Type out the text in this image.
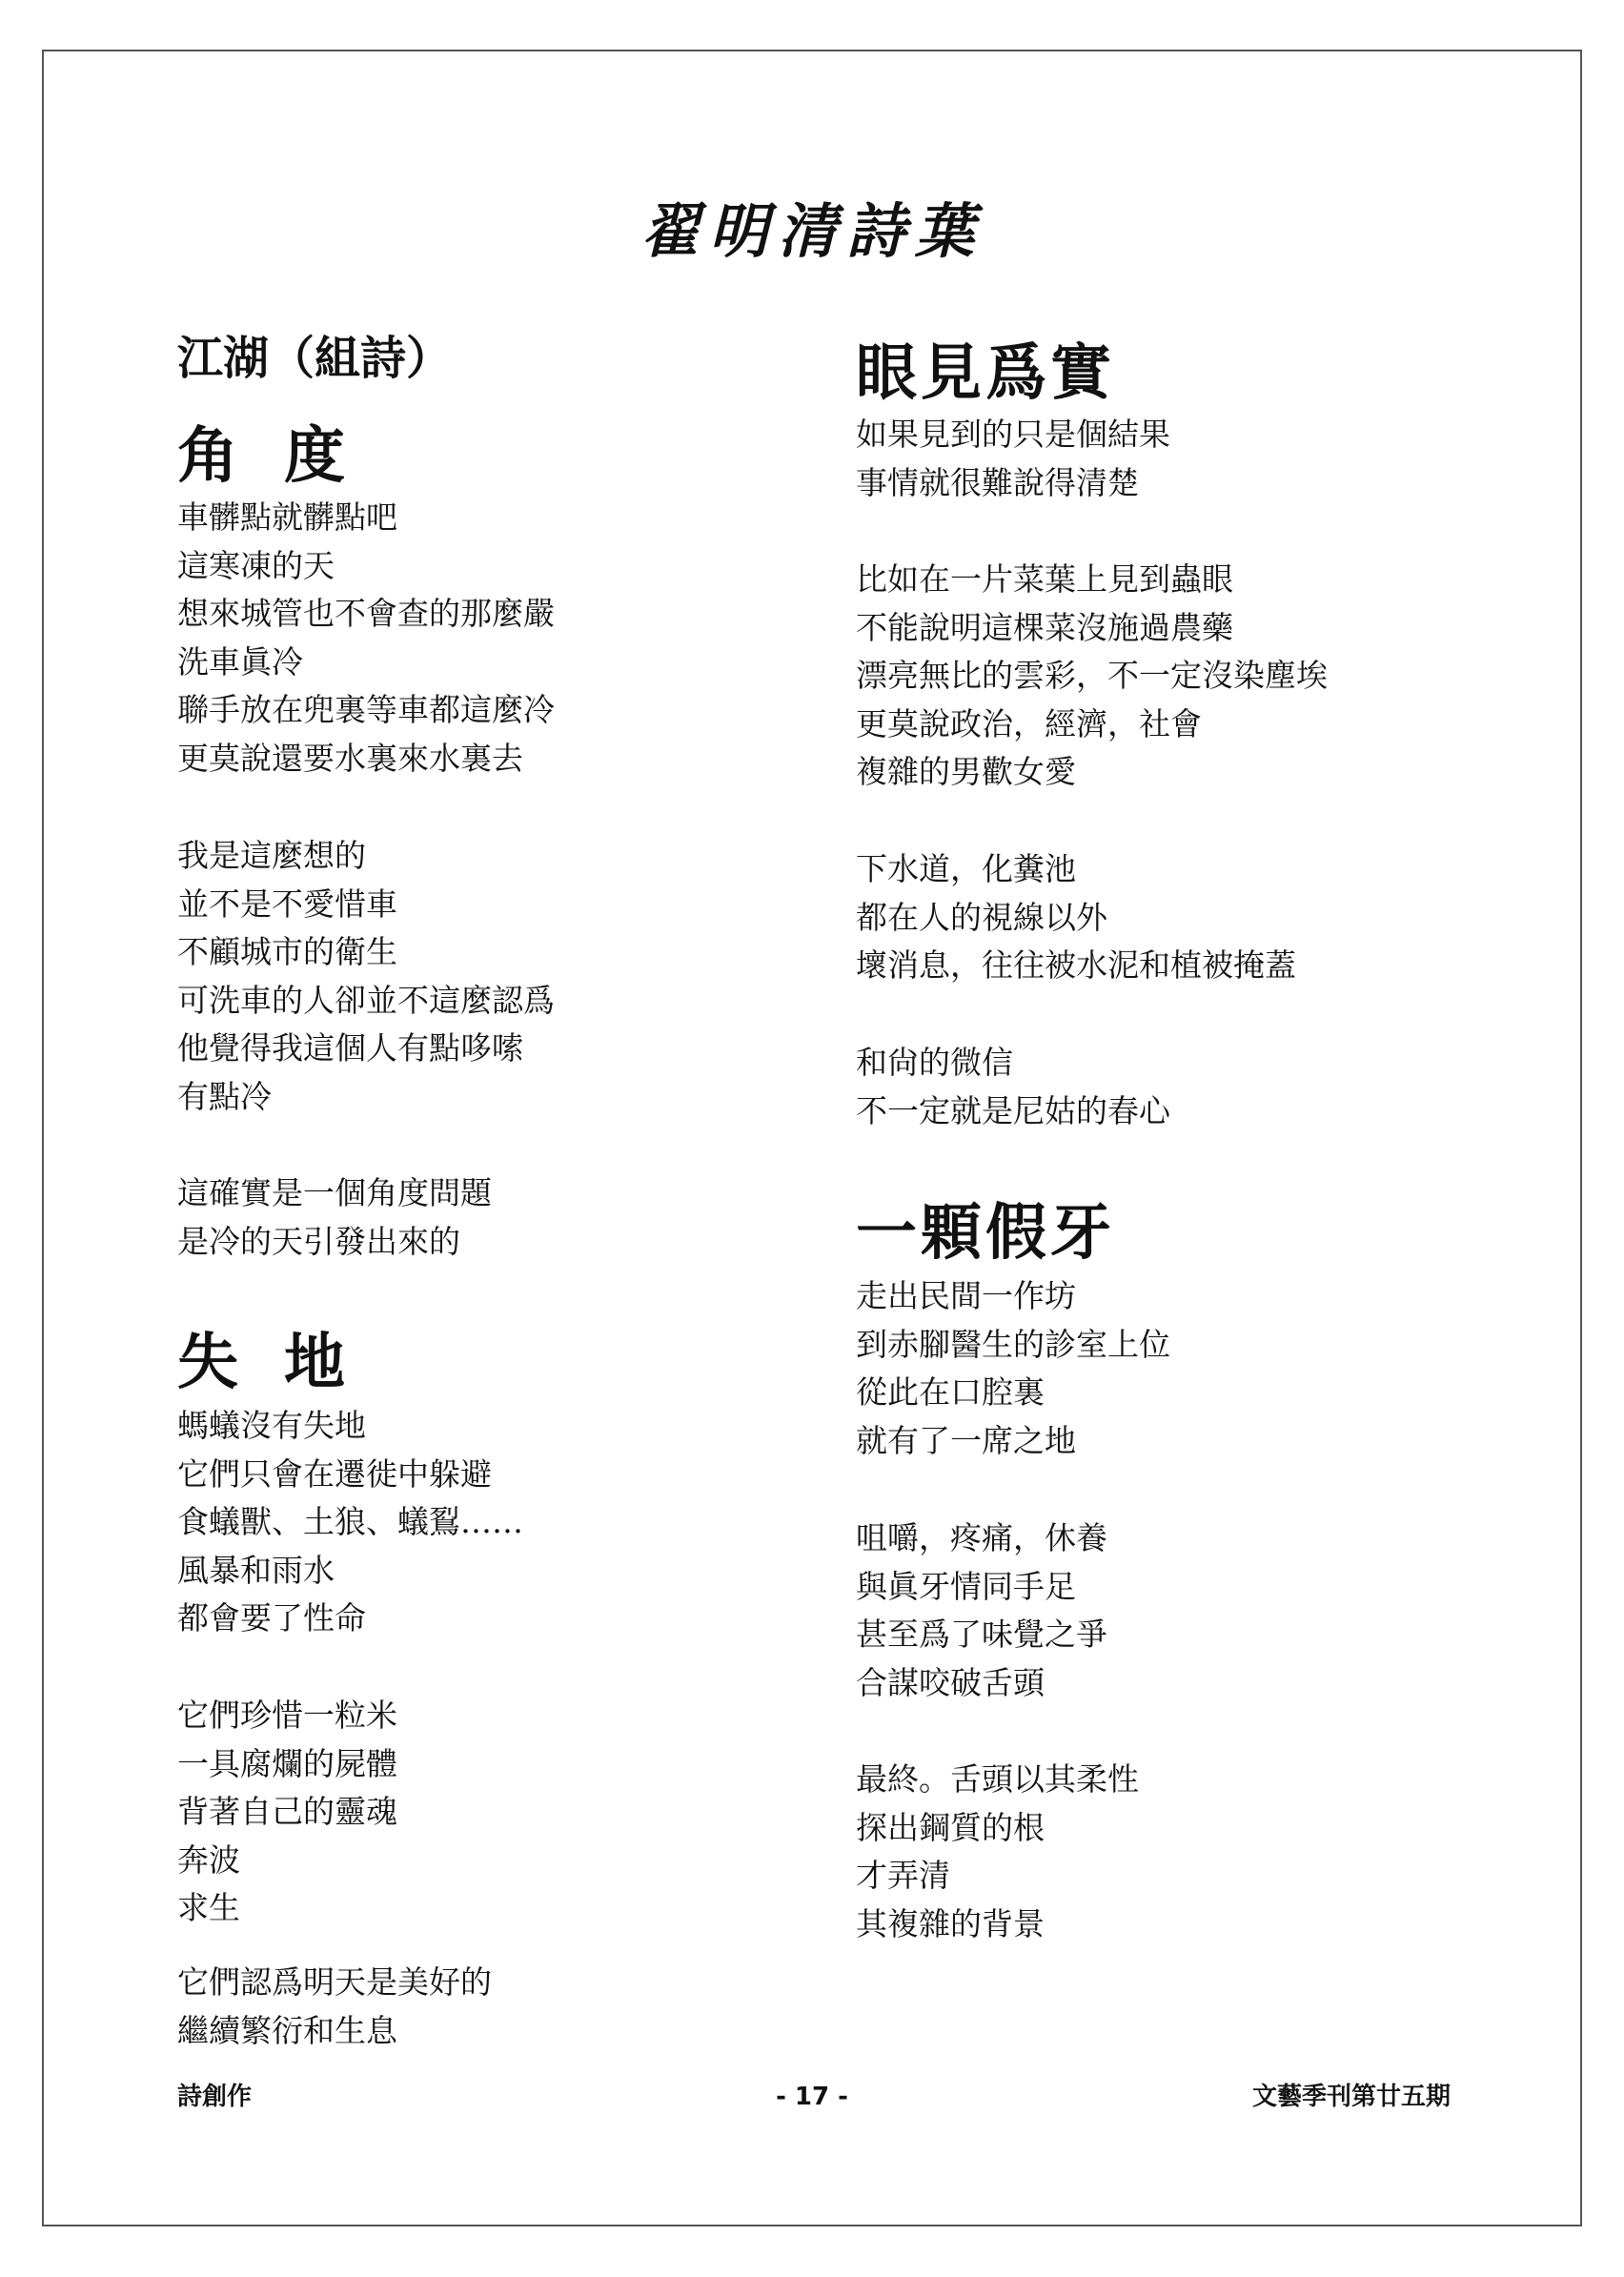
翟明清詩葉
江湖（組詩）
角度
車髒點就髒點吧
這寒凍的天
想來城管也不會查的那麼嚴
洗車眞冷
聯手放在兜裏等車都這麼冷
更莫說還要水裏來水裏去
我是這麼想的
並不是不愛惜車
不顧城市的衛生
可洗車的人卻並不這麼認爲
他覺得我這個人有點哆嗦
有點冷
這確實是一個角度問題
是冷的天引發出來的
失地
螞蟻沒有失地
它們只會在遷徙中躲避
食蟻獸、土狼、蟻鴷……
風暴和雨水
都會要了性命
它們珍惜一粒米
一具腐爛的屍體
背著自己的靈魂
奔波
求生
它們認爲明天是美好的
繼續繁衍和生息
眼見爲實
如果見到的只是個結果
事情就很難說得清楚
比如在一片菜葉上見到蟲眼
不能說明這棵菜沒施過農藥
漂亮無比的雲彩，不一定沒染塵埃
更莫說政治，經濟，社會
複雜的男歡女愛
下水道，化糞池
都在人的視線以外
壞消息，往往被水泥和植被掩蓋
和尙的微信
不一定就是尼姑的春心
一顆假牙
走出民間一作坊
到赤腳醫生的診室上位
從此在口腔裏
就有了一席之地
咀嚼，疼痛，休養
與眞牙情同手足
甚至爲了味覺之爭
合謀咬破舌頭
最終。舌頭以其柔性
探出鋼質的根
才弄清
其複雜的背景
詩創作	- 17 -	文藝季刊第廿五期
